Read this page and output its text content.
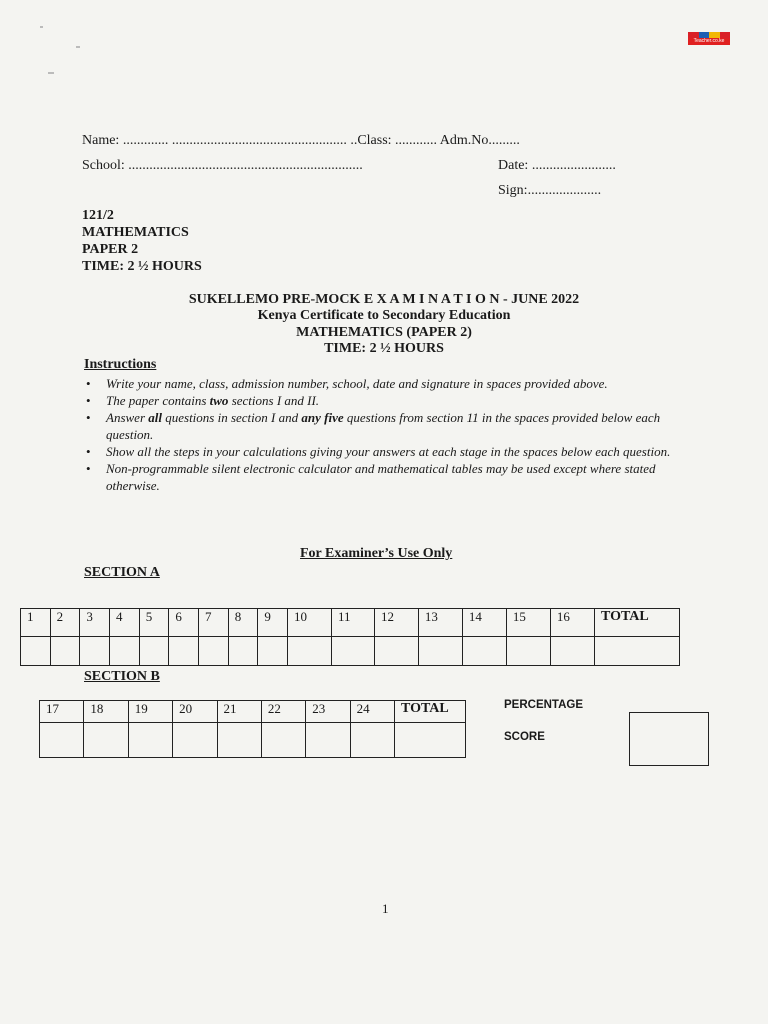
Teacher.co.ke
Name: ............. .................................................. ..Class: ............ Adm.No.........
School: ...................................................................	Date: ........................
Sign:.....................
121/2
MATHEMATICS
PAPER 2
TIME: 2 ½ HOURS
SUKELLEMO PRE-MOCK E X A M I N A T I O N - JUNE 2022
Kenya Certificate to Secondary Education
MATHEMATICS (PAPER 2)
TIME: 2 ½ HOURS
Instructions
• Write your name, class, admission number, school, date and signature in spaces provided above.
• The paper contains two sections I and II.
• Answer all questions in section I and any five questions from section 11 in the spaces provided below each question.
• Show all the steps in your calculations giving your answers at each stage in the spaces below each question.
• Non-programmable silent electronic calculator and mathematical tables may be used except where stated otherwise.
For Examiner’s Use Only
SECTION A
1	2	3	4	5	6	7	8	9	10	11	12	13	14	15	16	TOTAL

SECTION B
17	18	19	20	21	22	23	24	TOTAL
									PERCENTAGE
SCORE
1
